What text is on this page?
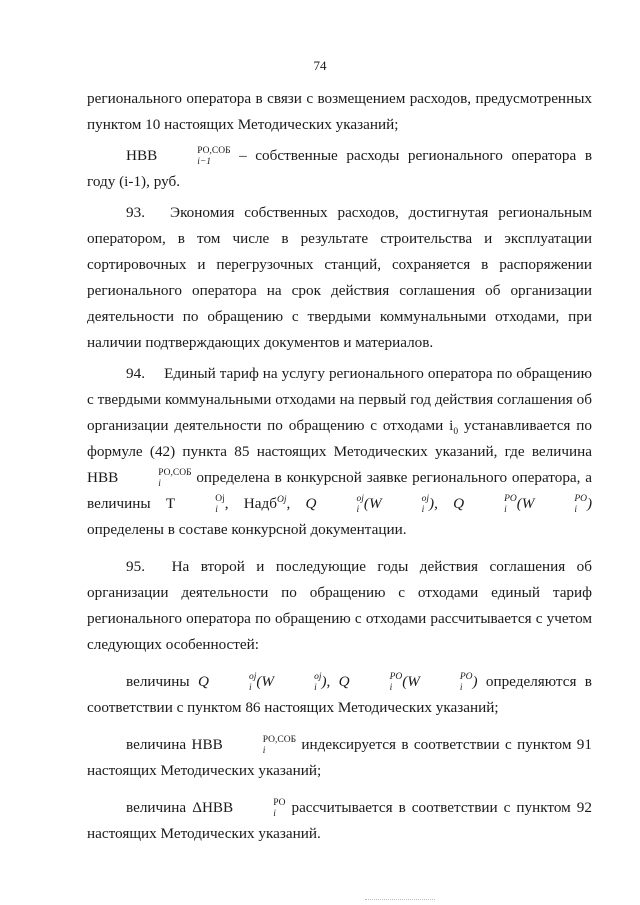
74

регионального оператора в связи с возмещением расходов, предусмотренных пунктом 10 настоящих Методических указаний;

НВВ	РО,СОБ
i−1	– собственные расходы регионального оператора в году (i-1), руб.

93.  Экономия собственных расходов, достигнутая региональным оператором, в том числе в результате строительства и эксплуатации сортировочных и перегрузочных станций, сохраняется в распоряжении регионального оператора на срок действия соглашения об организации деятельности по обращению с твердыми коммунальными отходами, при наличии подтверждающих документов и материалов.

94.  Единый тариф на услугу регионального оператора по обращению с твердыми коммунальными отходами на первый год действия соглашения об организации деятельности по обращению с отходами $i_0$ устанавливается по формуле (42) пункта 85 настоящих Методических указаний, где величина НВВ	РО,СОБ
i	определена в конкурсной заявке регионального оператора, а величины Т	Oj
i , Надб$^{Oj}$, Q	oj
i (W	oj
i ), Q	РО
i (W	РО
i ) определены в составе конкурсной документации.

95.  На второй и последующие годы действия соглашения об организации деятельности по обращению с отходами единый тариф регионального оператора по обращению с отходами рассчитывается с учетом следующих особенностей:

величины Q	oj
i (W	oj
i ), Q	РО
i (W	РО
i ) определяются в соответствии с пунктом 86 настоящих Методических указаний;

величина НВВ	РО,СОБ
i	индексируется в соответствии с пунктом 91 настоящих Методических указаний;

величина ΔНВВ	РО
i рассчитывается в соответствии с пунктом 92 настоящих Методических указаний.
